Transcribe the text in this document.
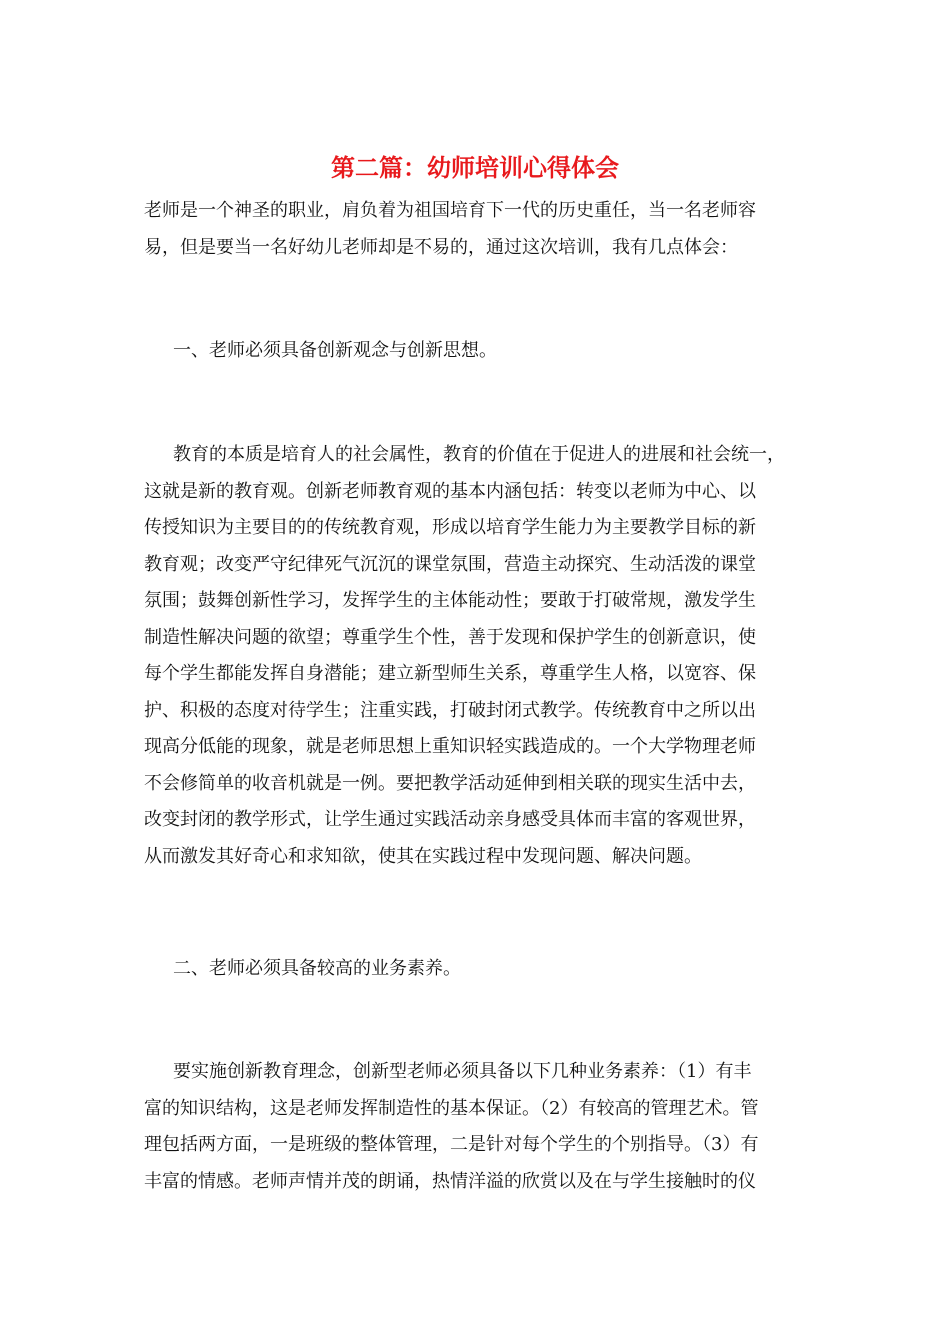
第二篇：幼师培训心得体会
老师是一个神圣的职业，肩负着为祖国培育下一代的历史重任，当一名老师容
易，但是要当一名好幼儿老师却是不易的，通过这次培训，我有几点体会：
一、老师必须具备创新观念与创新思想。
教育的本质是培育人的社会属性，教育的价值在于促进人的进展和社会统一，
这就是新的教育观。创新老师教育观的基本内涵包括：转变以老师为中心、以
传授知识为主要目的的传统教育观，形成以培育学生能力为主要教学目标的新
教育观；改变严守纪律死气沉沉的课堂氛围，营造主动探究、生动活泼的课堂
氛围；鼓舞创新性学习，发挥学生的主体能动性；要敢于打破常规，激发学生
制造性解决问题的欲望；尊重学生个性，善于发现和保护学生的创新意识，使
每个学生都能发挥自身潜能；建立新型师生关系，尊重学生人格，以宽容、保
护、积极的态度对待学生；注重实践，打破封闭式教学。传统教育中之所以出
现高分低能的现象，就是老师思想上重知识轻实践造成的。一个大学物理老师
不会修简单的收音机就是一例。要把教学活动延伸到相关联的现实生活中去，
改变封闭的教学形式，让学生通过实践活动亲身感受具体而丰富的客观世界，
从而激发其好奇心和求知欲，使其在实践过程中发现问题、解决问题。
二、老师必须具备较高的业务素养。
要实施创新教育理念，创新型老师必须具备以下几种业务素养：（1）有丰
富的知识结构，这是老师发挥制造性的基本保证。（2）有较高的管理艺术。管
理包括两方面，一是班级的整体管理，二是针对每个学生的个别指导。（3）有
丰富的情感。老师声情并茂的朗诵，热情洋溢的欣赏以及在与学生接触时的仪
